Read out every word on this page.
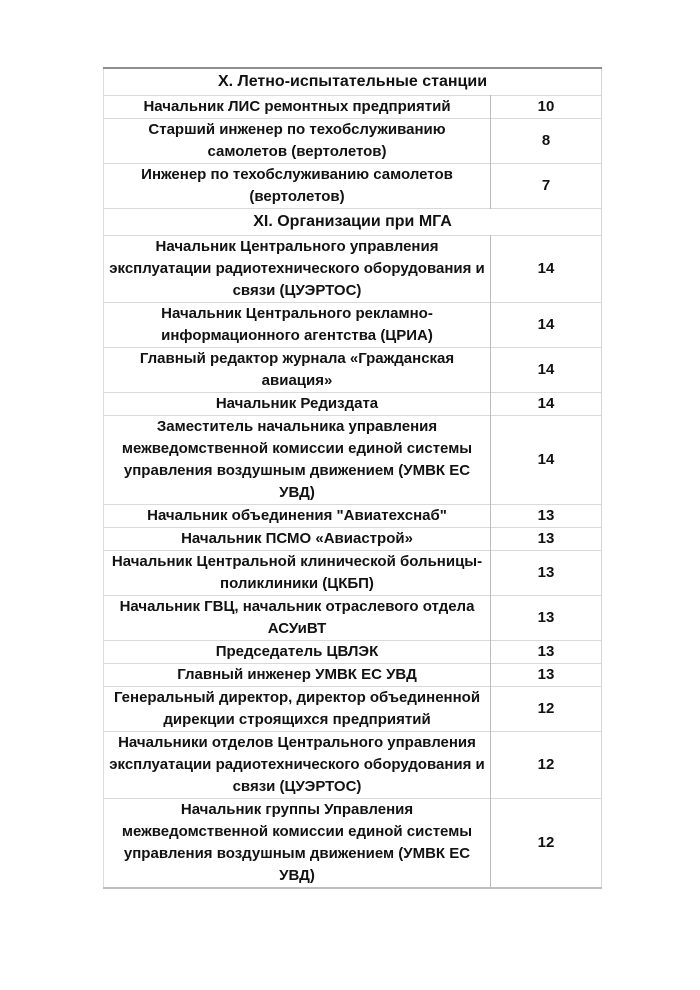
X. Летно-испытательные станции	
Начальник ЛИС ремонтных предприятий	10
Старший инженер по техобслуживанию самолетов (вертолетов)	8
Инженер по техобслуживанию самолетов (вертолетов)	7
XI. Организации при МГА	
Начальник Центрального управления эксплуатации радиотехнического оборудования и связи (ЦУЭРТОС)	14
Начальник Центрального рекламно-информационного агентства (ЦРИА)	14
Главный редактор журнала «Гражданская авиация»	14
Начальник Редиздата	14
Заместитель начальника управления межведомственной комиссии единой системы управления воздушным движением (УМВК ЕС УВД)	14
Начальник объединения "Авиатехснаб"	13
Начальник ПСМО «Авиастрой»	13
Начальник Центральной клинической больницы-поликлиники (ЦКБП)	13
Начальник ГВЦ, начальник отраслевого отдела АСУиВТ	13
Председатель ЦВЛЭК	13
Главный инженер УМВК ЕС УВД	13
Генеральный директор, директор объединенной дирекции строящихся предприятий	12
Начальники отделов Центрального управления эксплуатации радиотехнического оборудования и связи (ЦУЭРТОС)	12
Начальник группы Управления межведомственной комиссии единой системы управления воздушным движением (УМВК ЕС УВД)	12
